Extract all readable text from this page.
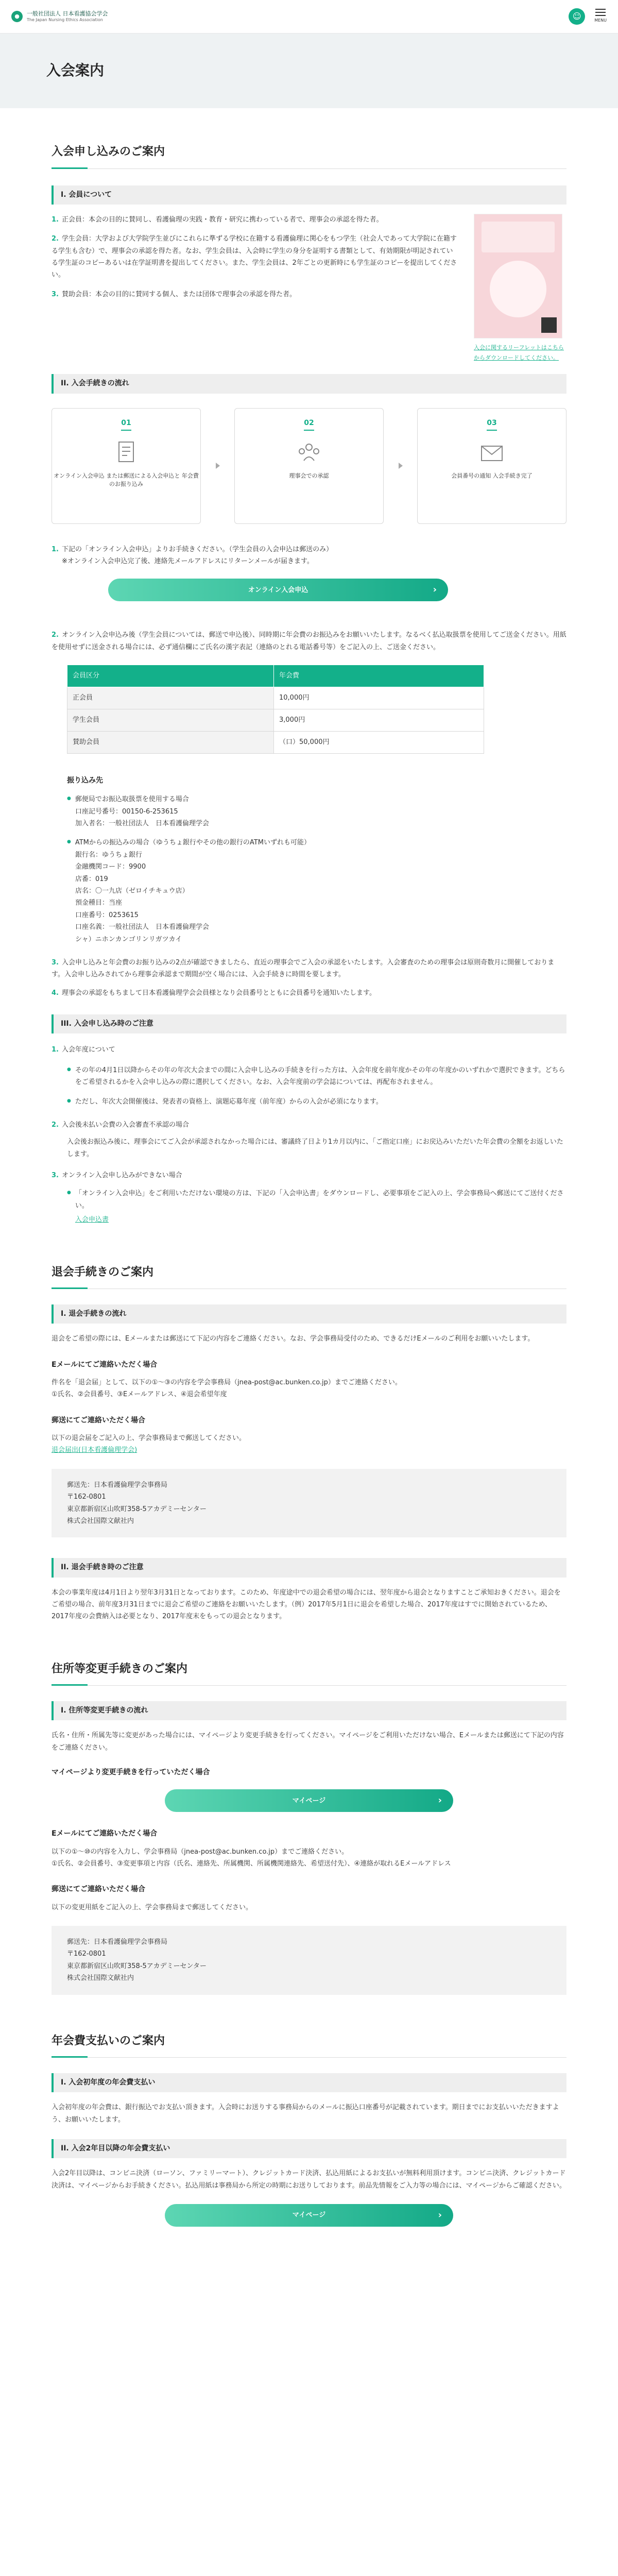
●	一般社団法人 日本看護協会学会
The Japan Nursing Ethics Association	☺	MENU
入会案内
入会申し込みのご案内
I. 会員について

1. 正会員：本会の目的に賛同し、看護倫理の実践・教育・研究に携わっている者で、理事会の承認を得た者。

2. 学生会員：大学および大学院学生並びにこれらに準ずる学校に在籍する看護倫理に関心をもつ学生（社会人であって大学院に在籍する学生も含む）で、理事会の承認を得た者。なお、学生会員は、入会時に学生の身分を証明する書類として、有効期限が明記されている学生証のコピーあるいは在学証明書を提出してください。また、学生会員は、2年ごとの更新時にも学生証のコピーを提出してください。

3. 賛助会員：本会の目的に賛同する個人、または団体で理事会の承認を得た者。

入会に関するリーフレットはこちらからダウンロードしてください。

II. 入会手続きの流れ
01
オンライン入会申込 または郵送による入会申込と 年会費のお振り込み
02
理事会での承認
03
会員番号の通知 入会手続き完了

1. 下記の「オンライン入会申込」よりお手続きください。（学生会員の入会申込は郵送のみ）

※オンライン入会申込完了後、連絡先メールアドレスにリターンメールが届きます。

オンライン入会申込 ›

2. オンライン入会申込み後（学生会員については、郵送で申込後）、同時期に年会費のお振込みをお願いいたします。なるべく払込取扱票を使用してご送金ください。用紙を使用せずに送金される場合には、必ず通信欄にご氏名の漢字表記（連絡のとれる電話番号等）をご記入の上、ご送金ください。

会員区分	年会費
正会員	10,000円
学生会員	3,000円
賛助会員	（口）50,000円
振り込み先
● 郵便局でお振込取扱票を使用する場合
口座記号番号：00150-6-253615
加入者名：一般社団法人　日本看護倫理学会
● ATMからの振込みの場合（ゆうちょ銀行やその他の銀行のATMいずれも可能）
銀行名：ゆうちょ銀行
金融機関コード：9900
店番：019
店名：〇一九店（ゼロイチキュウ店）
預金種目：当座
口座番号：0253615
口座名義：一般社団法人　日本看護倫理学会
シャ）ニホンカンゴリンリガツカイ

3. 入会申し込みと年会費のお振り込みの2点が確認できましたら、直近の理事会でご入会の承認をいたします。入会審査のための理事会は原則奇数月に開催しております。入会申し込みされてから理事会承認まで期間が空く場合には、入会手続きに時間を要します。

4. 理事会の承認をもちまして日本看護倫理学会会員様となり会員番号とともに会員番号を通知いたします。

III. 入会申し込み時のご注意

1. 入会年度について

● その年の4月1日以降からその年の年次大会までの間に入会申し込みの手続きを行った方は、入会年度を前年度かその年の年度かのいずれかで選択できます。どちらをご希望されるかを入会申し込みの際に選択してください。なお、入会年度前の学会誌については、再配布されません。
● ただし、年次大会開催後は、発表者の資格上、演題応募年度（前年度）からの入会が必須になります。

2. 入会後未払い会費の入会審査不承認の場合

入会後お振込み後に、理事会にてご入会が承認されなかった場合には、審議終了日より1カ月以内に、「ご指定口座」にお戻込みいただいた年会費の全額をお返しいたします。

3. オンライン入会申し込みができない場合

● 「オンライン入会申込」をご利用いただけない環境の方は、下記の「入会申込書」をダウンロードし、必要事項をご記入の上、学会事務局へ郵送にてご送付ください。

入会申込書

退会手続きのご案内
I. 退会手続きの流れ

退会をご希望の際には、Eメールまたは郵送にて下記の内容をご連絡ください。なお、学会事務局受付のため、できるだけEメールのご利用をお願いいたします。

Eメールにてご連絡いただく場合

件名を「退会届」として、以下の①〜③の内容を学会事務局（jnea-post@ac.bunken.co.jp）までご連絡ください。

①氏名、②会員番号、③Eメールアドレス、④退会希望年度

郵送にてご連絡いただく場合

以下の退会届をご記入の上、学会事務局まで郵送してください。

退会届出(日本看護倫理学会)

郵送先：日本看護倫理学会事務局
〒162-0801
東京都新宿区山吹町358-5アカデミーセンター
株式会社国際文献社内
II. 退会手続き時のご注意

本会の事業年度は4月1日より翌年3月31日となっております。このため、年度途中での退会希望の場合には、翌年度から退会となりますことご承知おきください。退会をご希望の場合、前年度3月31日までに退会ご希望のご連絡をお願いいたします。（例）2017年5月1日に退会を希望した場合、2017年度はすでに開始されているため、2017年度の会費納入は必要となり、2017年度末をもっての退会となります。

住所等変更手続きのご案内
I. 住所等変更手続きの流れ

氏名・住所・所属先等に変更があった場合には、マイページより変更手続きを行ってください。マイページをご利用いただけない場合、Eメールまたは郵送にて下記の内容をご連絡ください。

マイページより変更手続きを行っていただく場合
マイページ ›
Eメールにてご連絡いただく場合

以下の①〜⑩の内容を入力し、学会事務局（jnea-post@ac.bunken.co.jp）までご連絡ください。

①氏名、②会員番号、③変更事項と内容（氏名、連絡先、所属機関、所属機関連絡先、希望送付先）、④連絡が取れるEメールアドレス

郵送にてご連絡いただく場合

以下の変更用紙をご記入の上、学会事務局まで郵送してください。

郵送先：日本看護倫理学会事務局
〒162-0801
東京都新宿区山吹町358-5アカデミーセンター
株式会社国際文献社内
年会費支払いのご案内
I. 入会初年度の年会費支払い

入会初年度の年会費は、銀行振込でお支払い頂きます。入会時にお送りする事務局からのメールに振込口座番号が記載されています。期日までにお支払いいただきますよう、お願いいたします。

II. 入会2年目以降の年会費支払い

入会2年目以降は、コンビニ決済（ローソン、ファミリーマート）、クレジットカード決済、払込用紙によるお支払いが無料利用頂けます。コンビニ決済、クレジットカード決済は、マイページからお手続きください。払込用紙は事務局から所定の時期にお送りしております。前品先情報をご入力等の場合には、マイページからご確認ください。

マイページ ›
